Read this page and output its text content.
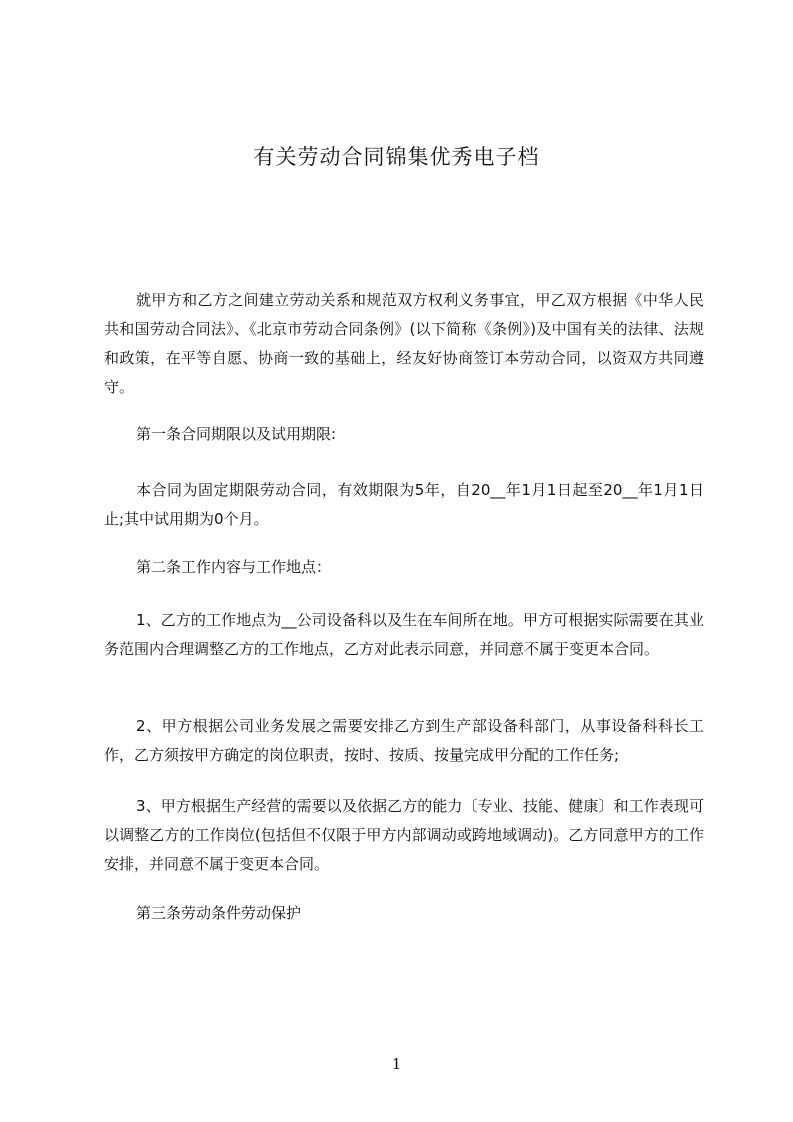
有关劳动合同锦集优秀电子档

就甲方和乙方之间建立劳动关系和规范双方权利义务事宜，甲乙双方根据《中华人民共和国劳动合同法》、《北京市劳动合同条例》(以下简称《条例》)及中国有关的法律、法规和政策，在平等自愿、协商一致的基础上，经友好协商签订本劳动合同，以资双方共同遵守。

第一条合同期限以及试用期限:

本合同为固定期限劳动合同，有效期限为5年，自20__年1月1日起至20__年1月1日止;其中试用期为0个月。

第二条工作内容与工作地点：

1、乙方的工作地点为__公司设备科以及生在车间所在地。甲方可根据实际需要在其业务范围内合理调整乙方的工作地点，乙方对此表示同意，并同意不属于变更本合同。

2、甲方根据公司业务发展之需要安排乙方到生产部设备科部门，从事设备科科长工作，乙方须按甲方确定的岗位职责，按时、按质、按量完成甲分配的工作任务;

3、甲方根据生产经营的需要以及依据乙方的能力〔专业、技能、健康〕和工作表现可以调整乙方的工作岗位(包括但不仅限于甲方内部调动或跨地域调动)。乙方同意甲方的工作安排，并同意不属于变更本合同。

第三条劳动条件劳动保护

1
